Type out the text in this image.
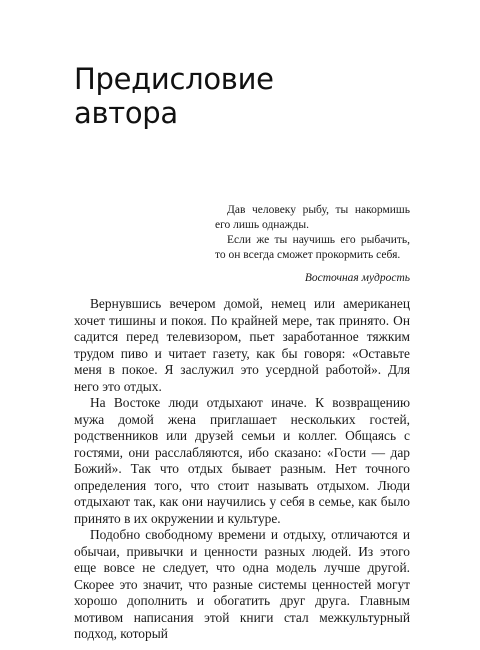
Предисловие
автора

Дав человеку рыбу, ты накормишь его лишь однажды.

Если же ты научишь его рыбачить, то он всегда сможет прокормить себя.

Восточная мудрость

Вернувшись вечером домой, немец или американец хочет тишины и покоя. По крайней мере, так принято. Он садится перед телевизором, пьет заработанное тяжким трудом пиво и читает газету, как бы говоря: «Оставьте меня в покое. Я заслужил это усердной работой». Для него это отдых.

На Востоке люди отдыхают иначе. К возвращению мужа домой жена приглашает нескольких гостей, родственников или друзей семьи и коллег. Общаясь с гостями, они расслабляются, ибо сказано: «Гости — дар Божий». Так что отдых бывает разным. Нет точного определения того, что стоит называть отдыхом. Люди отдыхают так, как они научились у себя в семье, как было принято в их окружении и культуре.

Подобно свободному времени и отдыху, отличаются и обычаи, привычки и ценности разных людей. Из этого еще вовсе не следует, что одна модель лучше другой. Скорее это значит, что разные системы ценностей могут хорошо дополнить и обогатить друг друга. Главным мотивом написания этой книги стал межкультурный подход, который
